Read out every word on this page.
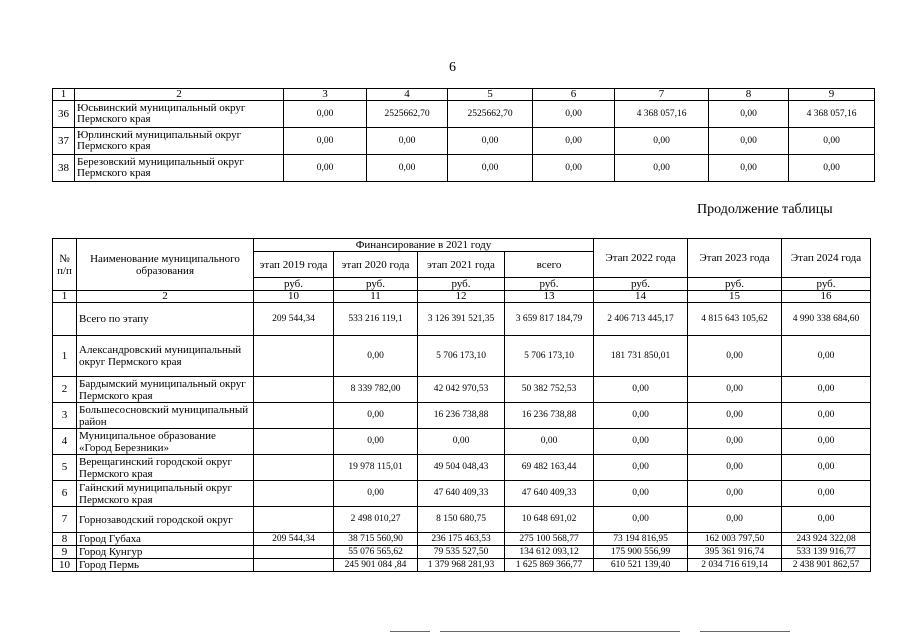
6
1	2	3	4	5	6	7	8	9
36	Юсьвинский муниципальный округ Пермского края	0,00	2525662,70	2525662,70	0,00	4 368 057,16	0,00	4 368 057,16
37	Юрлинский муниципальный округ Пермского края	0,00	0,00	0,00	0,00	0,00	0,00	0,00
38	Березовский муниципальный округ Пермского края	0,00	0,00	0,00	0,00	0,00	0,00	0,00
Продолжение таблицы
№ п/п	Наименование муниципального образования	Финансирование в 2021 году				Этап 2022 года	Этап 2023 года	Этап 2024 года
		этап 2019 года	этап 2020 года	этап 2021 года	всего			
		руб.	руб.	руб.	руб.	руб.	руб.	руб.
1	2	10	11	12	13	14	15	16
	Всего по этапу	209 544,34	533 216 119,1	3 126 391 521,35	3 659 817 184,79	2 406 713 445,17	4 815 643 105,62	4 990 338 684,60
1	Александровский муниципальный округ Пермского края		0,00	5 706 173,10	5 706 173,10	181 731 850,01	0,00	0,00
2	Бардымский муниципальный округ Пермского края		8 339 782,00	42 042 970,53	50 382 752,53	0,00	0,00	0,00
3	Большесосновский муниципальный район		0,00	16 236 738,88	16 236 738,88	0,00	0,00	0,00
4	Муниципальное образование «Город Березники»		0,00	0,00	0,00	0,00	0,00	0,00
5	Верещагинский городской округ Пермского края		19 978 115,01	49 504 048,43	69 482 163,44	0,00	0,00	0,00
6	Гайнский муниципальный округ Пермского края		0,00	47 640 409,33	47 640 409,33	0,00	0,00	0,00
7	Горнозаводский городской округ		2 498 010,27	8 150 680,75	10 648 691,02	0,00	0,00	0,00
8	Город Губаха	209 544,34	38 715 560,90	236 175 463,53	275 100 568,77	73 194 816,95	162 003 797,50	243 924 322,08
9	Город Кунгур		55 076 565,62	79 535 527,50	134 612 093,12	175 900 556,99	395 361 916,74	533 139 916,77
10	Город Пермь		245 901 084 ,84	1 379 968 281,93	1 625 869 366,77	610 521 139,40	2 034 716 619,14	2 438 901 862,57
